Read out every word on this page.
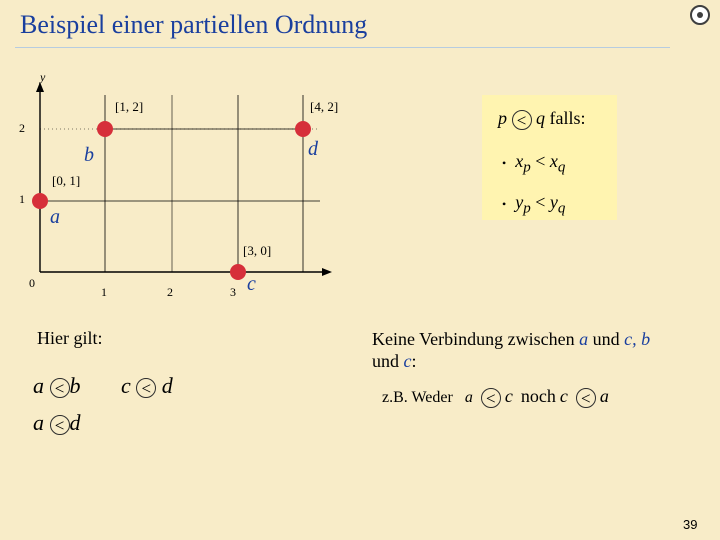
Beispiel einer partiellen Ordnung
y
2
1
0
1	2	3
[1, 2]	[4, 2]
[0, 1]
[3, 0]
b	d
a
c
p < q falls:
• $x_p < x_q$
• $y_p < y_q$
Hier gilt:
a < b c < d
a < d
Keine Verbindung zwischen a und c, b
und c:
z.B. Weder a < c noch c < a
39
